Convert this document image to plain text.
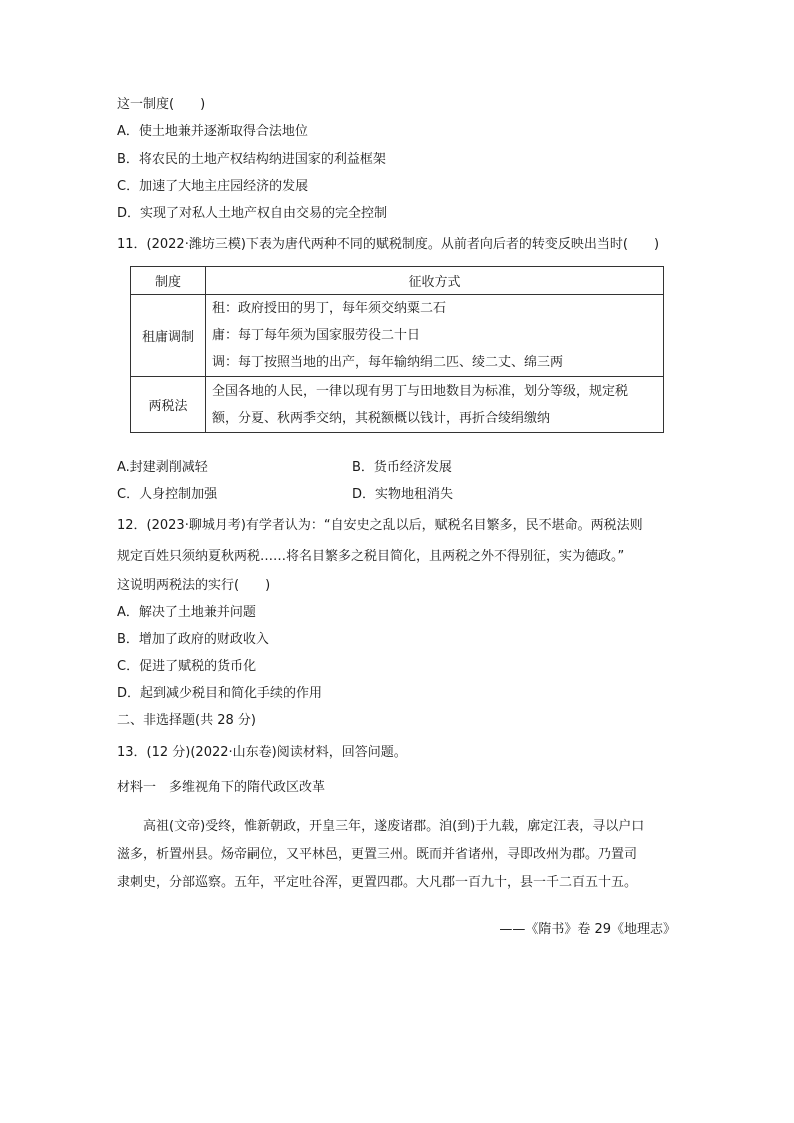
这一制度(　　)
A．使土地兼并逐渐取得合法地位
B．将农民的土地产权结构纳进国家的利益框架
C．加速了大地主庄园经济的发展
D．实现了对私人土地产权自由交易的完全控制
11．(2022·潍坊三模)下表为唐代两种不同的赋税制度。从前者向后者的转变反映出当时(　　)
制度	征收方式
租庸调制	租：政府授田的男丁，每年须交纳粟二石
庸：每丁每年须为国家服劳役二十日
调：每丁按照当地的出产，每年输纳绢二匹、绫二丈、绵三两

两税法	全国各地的人民，一律以现有男丁与田地数目为标准，划分等级，规定税
额，分夏、秋两季交纳，其税额概以钱计，再折合绫绢缴纳
A.封建剥削减轻	B．货币经济发展
C．人身控制加强	D．实物地租消失
12．(2023·聊城月考)有学者认为：“自安史之乱以后，赋税名目繁多，民不堪命。两税法则
规定百姓只须纳夏秋两税……将名目繁多之税目简化，且两税之外不得别征，实为德政。”
这说明两税法的实行(　　)
A．解决了土地兼并问题
B．增加了政府的财政收入
C．促进了赋税的货币化
D．起到减少税目和简化手续的作用
二、非选择题(共 28 分)
13．(12 分)(2022·山东卷)阅读材料，回答问题。
材料一　多维视角下的隋代政区改革
高祖(文帝)受终，惟新朝政，开皇三年，遂废诸郡。洎(到)于九载，廓定江表，寻以户口
滋多，析置州县。炀帝嗣位，又平林邑，更置三州。既而并省诸州，寻即改州为郡。乃置司
隶刺史，分部巡察。五年，平定吐谷浑，更置四郡。大凡郡一百九十，县一千二百五十五。
——《隋书》卷 29《地理志》
